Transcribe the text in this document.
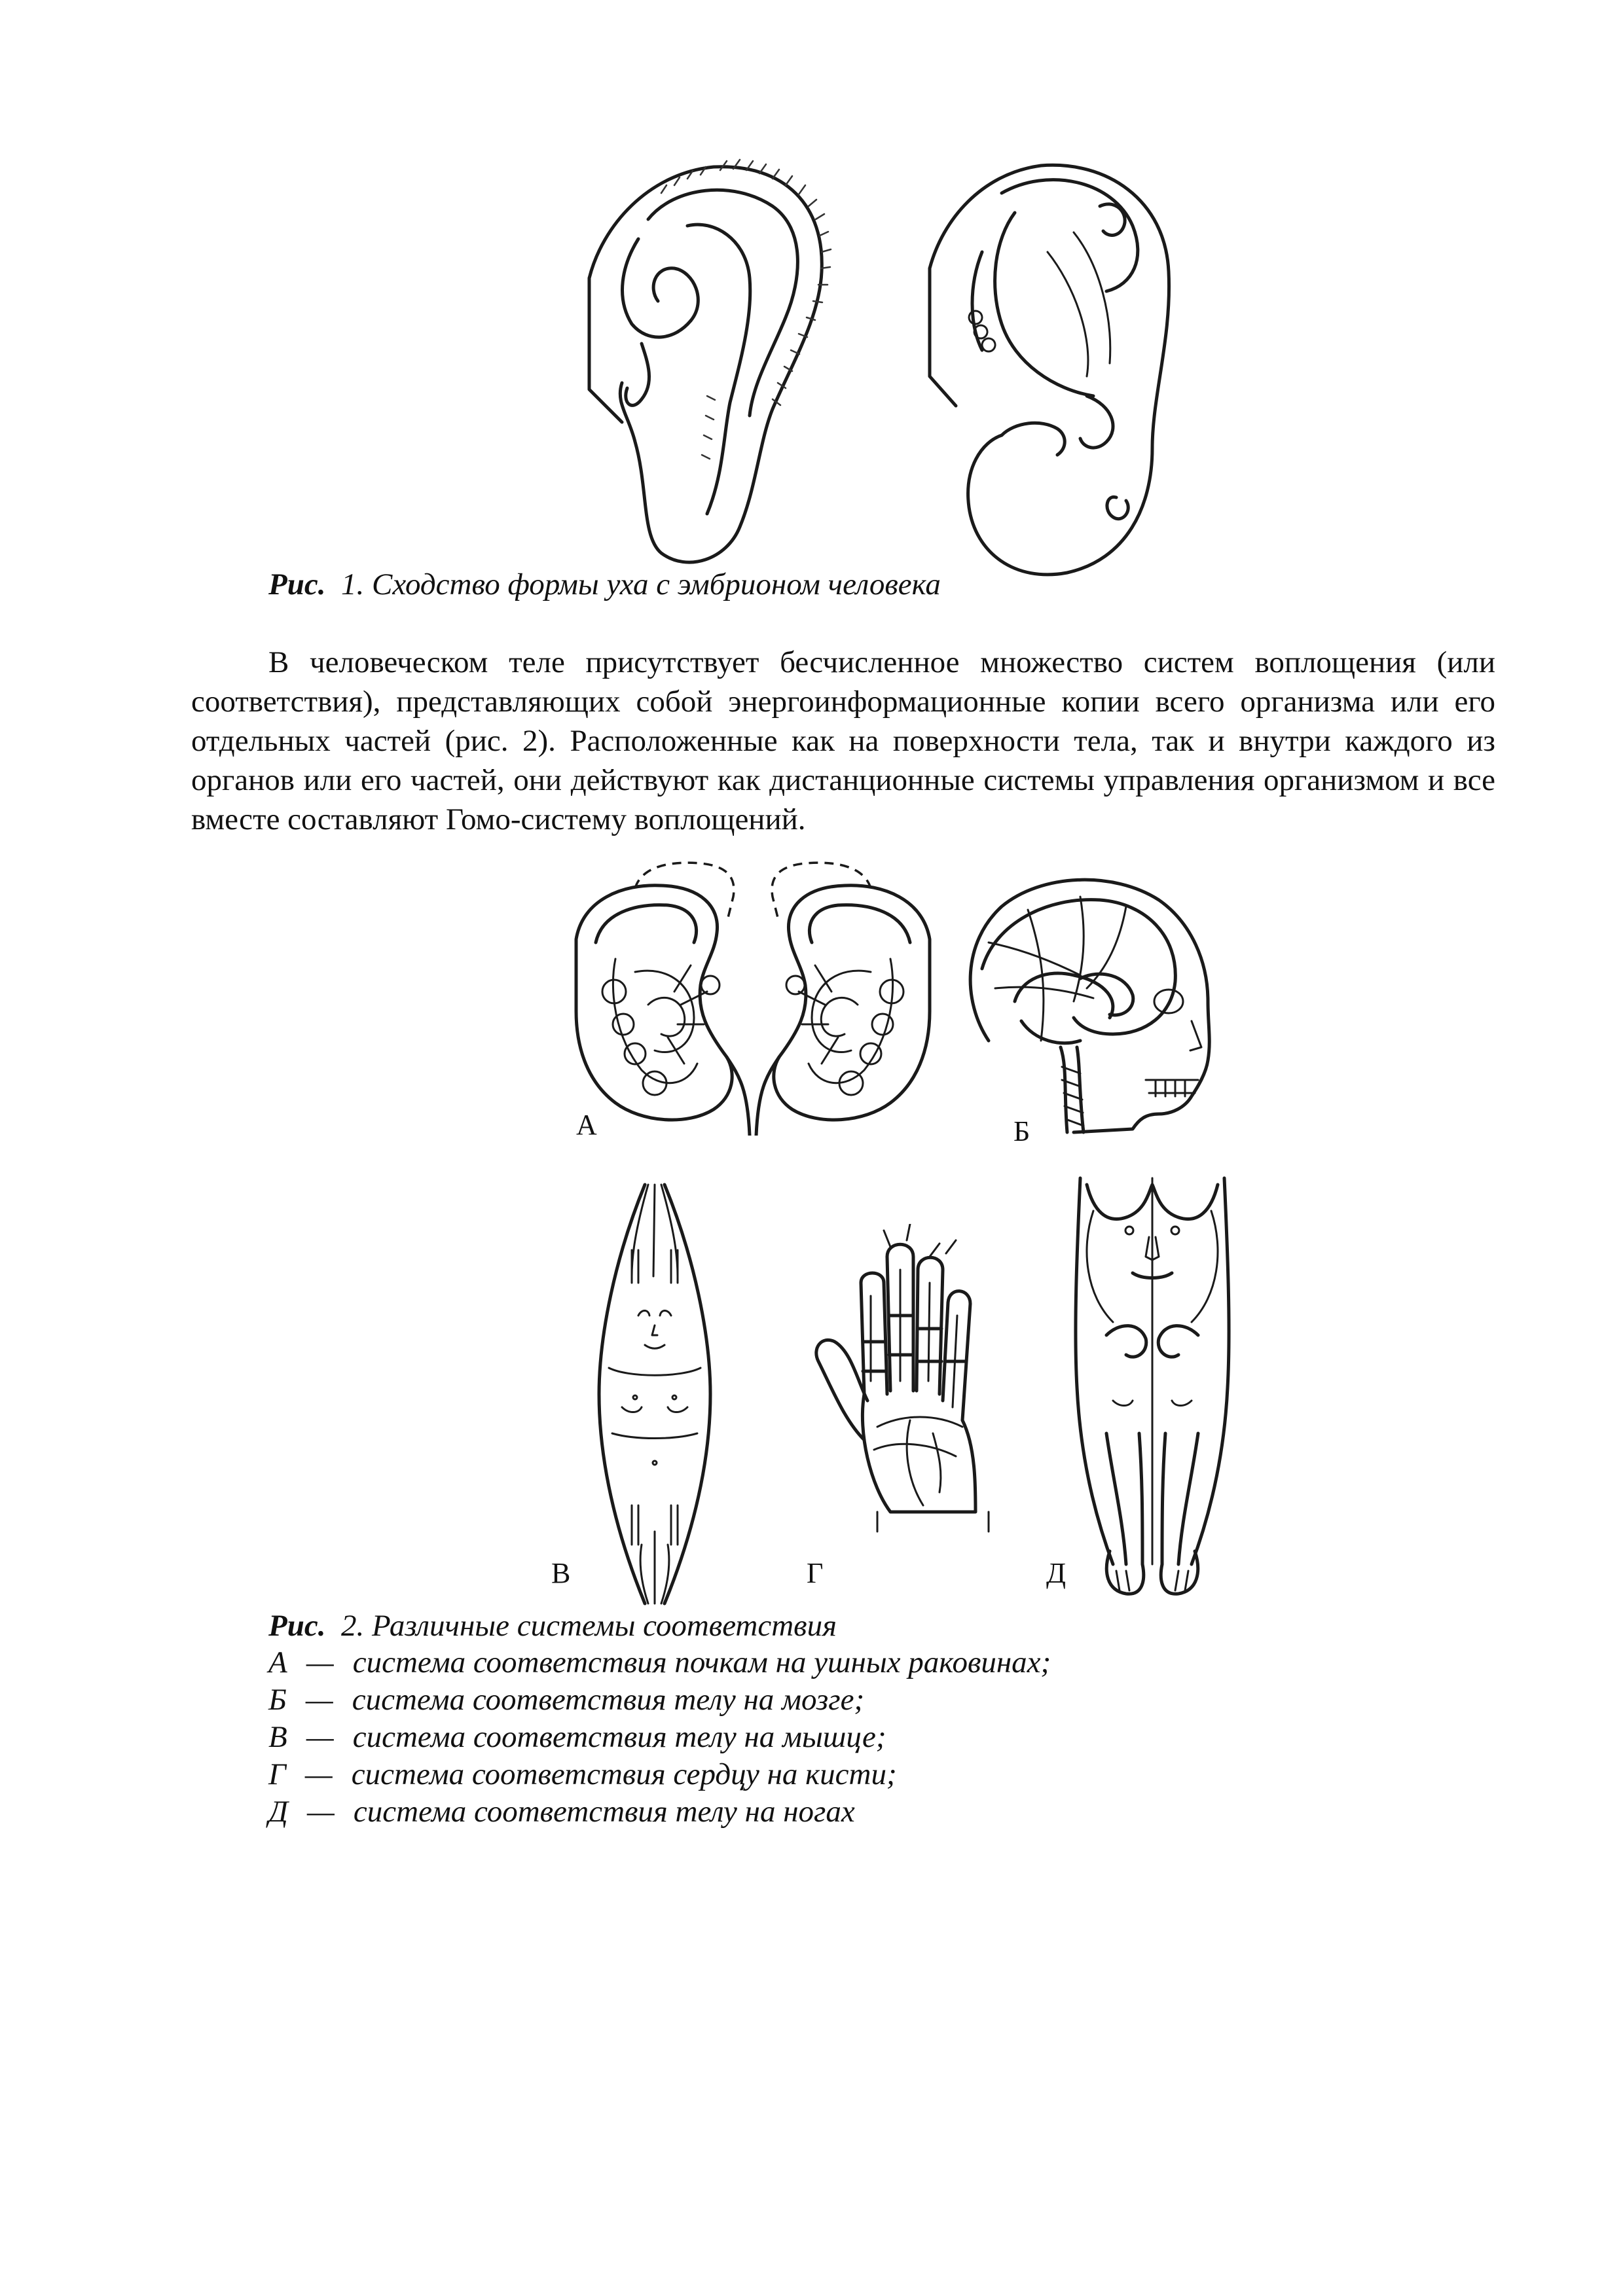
Рис. 1. Сходство формы уха с эмбрионом человека
В человеческом теле присутствует бесчисленное множество систем воплощения (или соответствия), представляющих собой энергоинформационные копии всего организма или его отдельных частей (рис. 2). Расположенные как на поверхности тела, так и внутри каждого из органов или его частей, они действуют как дистанционные системы управления организмом и все вместе составляют Гомо-систему воплощений.
А	Б
В	Г	Д
Рис. 2. Различные системы соответствия
А — система соответствия почкам на ушных раковинах;
Б — система соответствия телу на мозге;
В — система соответствия телу на мышце;
Г — система соответствия сердцу на кисти;
Д — система соответствия телу на ногах
